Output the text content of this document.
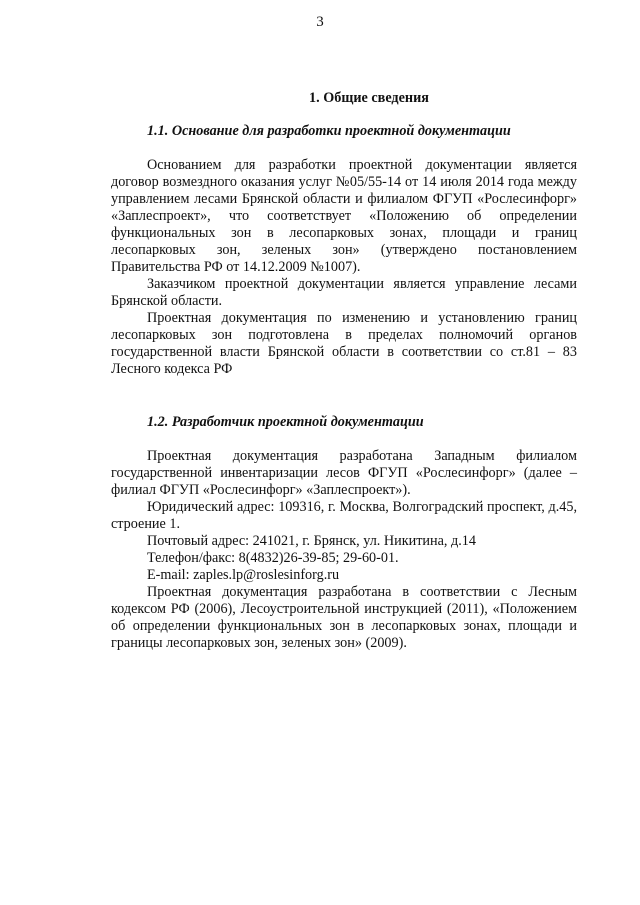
3
1. Общие сведения
1.1. Основание для разработки проектной документации

Основанием для разработки проектной документации является договор возмездного оказания услуг №05/55-14 от 14 июля 2014 года между управлением лесами Брянской области и филиалом ФГУП «Рослесинфорг» «Заплеспроект», что соответствует «Положению об определении функциональных зон в лесопарковых зонах, площади и границ лесопарковых зон, зеленых зон» (утверждено постановлением Правительства РФ от 14.12.2009 №1007).

Заказчиком проектной документации является управление лесами Брянской области.

Проектная документация по изменению и установлению границ лесопарковых зон подготовлена в пределах полномочий органов государственной власти Брянской области в соответствии со ст.81 – 83 Лесного кодекса РФ

1.2. Разработчик проектной документации

Проектная документация разработана Западным филиалом государственной инвентаризации лесов ФГУП «Рослесинфорг» (далее – филиал ФГУП «Рослесинфорг» «Заплеспроект»).

Юридический адрес: 109316, г. Москва, Волгоградский проспект, д.45, строение 1.

Почтовый адрес: 241021, г. Брянск, ул. Никитина, д.14

Телефон/факс: 8(4832)26-39-85; 29-60-01.

E-mail: zaples.lp@roslesinforg.ru

Проектная документация разработана в соответствии с Лесным кодексом РФ (2006), Лесоустроительной инструкцией (2011), «Положением об определении функциональных зон в лесопарковых зонах, площади и границы лесопарковых зон, зеленых зон» (2009).
